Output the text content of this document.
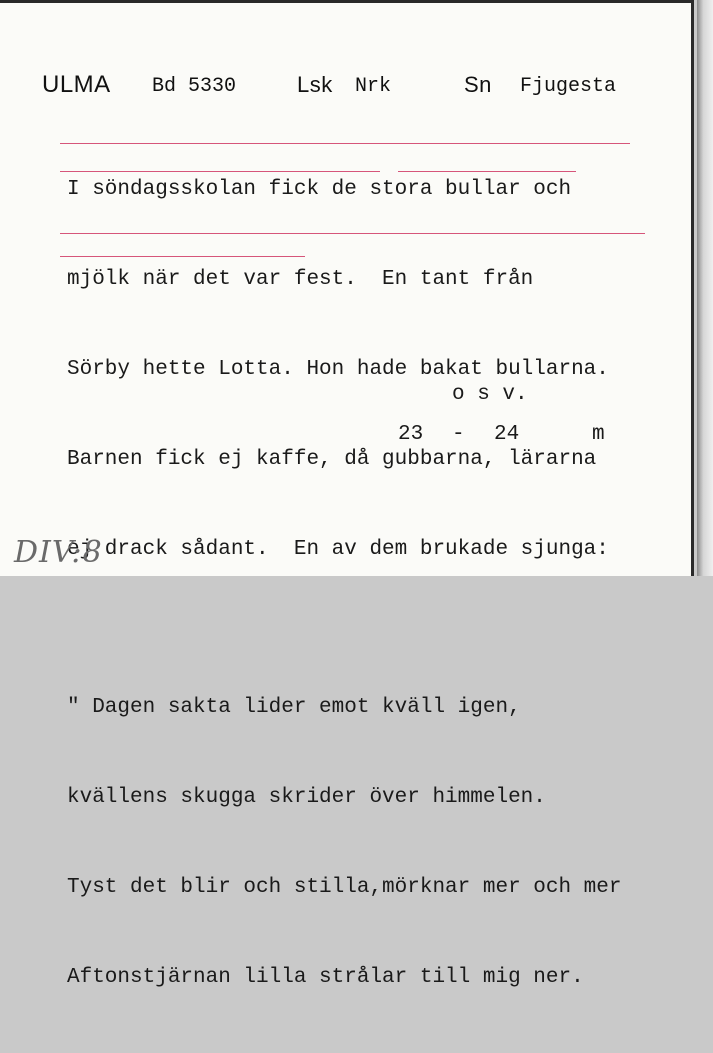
ULMA Bd 5330	Lsk Nrk	Sn Fjugesta

I söndagsskolan fick de stora bullar och

mjölk när det var fest.  En tant från

Sörby hette Lotta. Hon hade bakat bullarna.

Barnen fick ej kaffe, då gubbarna, lärarna

ej drack sådant.  En av dem brukade sjunga:

" Dagen sakta lider emot kväll igen,

kvällens skugga skrider över himmelen.

Tyst det blir och stilla,mörknar mer och mer

Aftonstjärnan lilla strålar till mig ner.

o s v.
23 - 24	m
DIV:8
